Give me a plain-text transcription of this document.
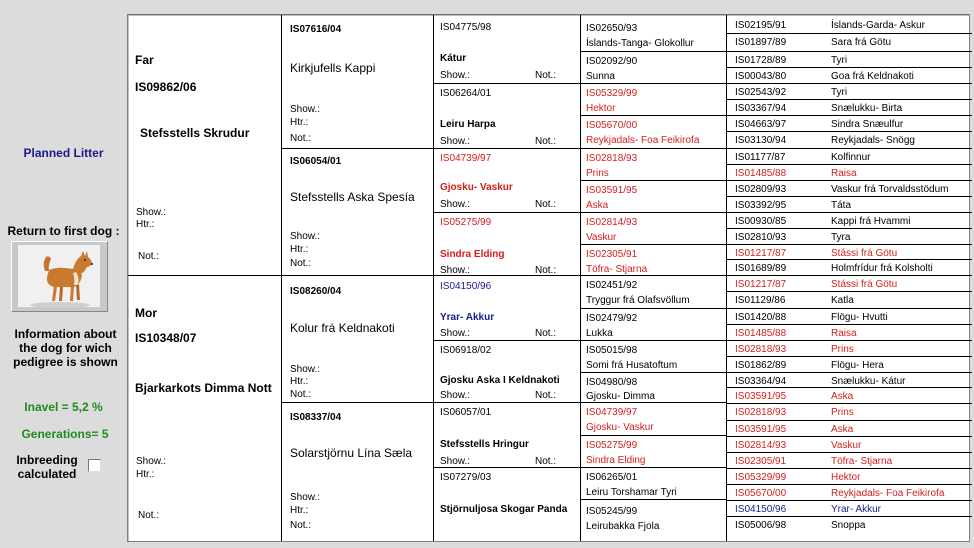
Planned Litter
Return to first dog :
Information about the dog for wich pedigree is shown
Inavel = 5,2 %
Generations= 5
Inbreeding calculated
Far
IS09862/06
Stefsstells Skrudur
Show.:
Htr.:
Not.:
Mor
IS10348/07
Bjarkarkots Dimma Nott
Show.:
Htr.:
Not.:
IS07616/04
Kirkjufells Kappi
Show.:
Htr.:
Not.:
IS06054/01
Stefsstells Aska Spesía
Show.:
Htr.:
Not.:
IS08260/04
Kolur frá Keldnakoti
Show.:
Htr.:
Not.:
IS08337/04
Solarstjörnu Lína Sæla
Show.:
Htr.:
Not.:
IS04775/98
Kátur
Show.:	Not.:
IS06264/01
Leiru Harpa
Show.:	Not.:
IS04739/97
Gjosku- Vaskur
Show.:	Not.:
IS05275/99
Sindra Elding
Show.:	Not.:
IS04150/96
Yrar- Akkur
Show.:	Not.:
IS06918/02
Gjosku Aska I Keldnakoti
Show.:	Not.:
IS06057/01
Stefsstells Hringur
Show.:	Not.:
IS07279/03
Stjörnuljosa Skogar Panda
IS02650/93
Íslands-Tanga- Glokollur
IS02092/90
Sunna
IS05329/99
Hektor
IS05670/00
Reykjadals- Foa Feikirofa
IS02818/93
Prins
IS03591/95
Aska
IS02814/93
Vaskur
IS02305/91
Töfra- Stjarna
IS02451/92
Tryggur frá Olafsvöllum
IS02479/92
Lukka
IS05015/98
Somi frá Husatoftum
IS04980/98
Gjosku- Dimma
IS04739/97
Gjosku- Vaskur
IS05275/99
Sindra Elding
IS06265/01
Leiru Torshamar Tyri
IS05245/99
Leirubakka Fjola
IS02195/91	Íslands-Garda- Askur
IS01897/89	Sara frá Götu
IS01728/89	Tyri
IS00043/80	Goa frá Keldnakoti
IS02543/92	Tyri
IS03367/94	Snælukku- Birta
IS04663/97	Sindra Snæulfur
IS03130/94	Reykjadals- Snögg
IS01177/87	Kolfinnur
IS01485/88	Raisa
IS02809/93	Vaskur frá Torvaldsstödum
IS03392/95	Táta
IS00930/85	Kappi frá Hvammi
IS02810/93	Tyra
IS01217/87	Stássi frá Götu
IS01689/89	Holmfrídur frá Kolsholti
IS01217/87	Stássi frá Götu
IS01129/86	Katla
IS01420/88	Flögu- Hvutti
IS01485/88	Raisa
IS02818/93	Prins
IS01862/89	Flögu- Hera
IS03364/94	Snælukku- Kátur
IS03591/95	Aska
IS02818/93	Prins
IS03591/95	Aska
IS02814/93	Vaskur
IS02305/91	Töfra- Stjarna
IS05329/99	Hektor
IS05670/00	Reykjadals- Foa Feikirofa
IS04150/96	Yrar- Akkur
IS05006/98	Snoppa
